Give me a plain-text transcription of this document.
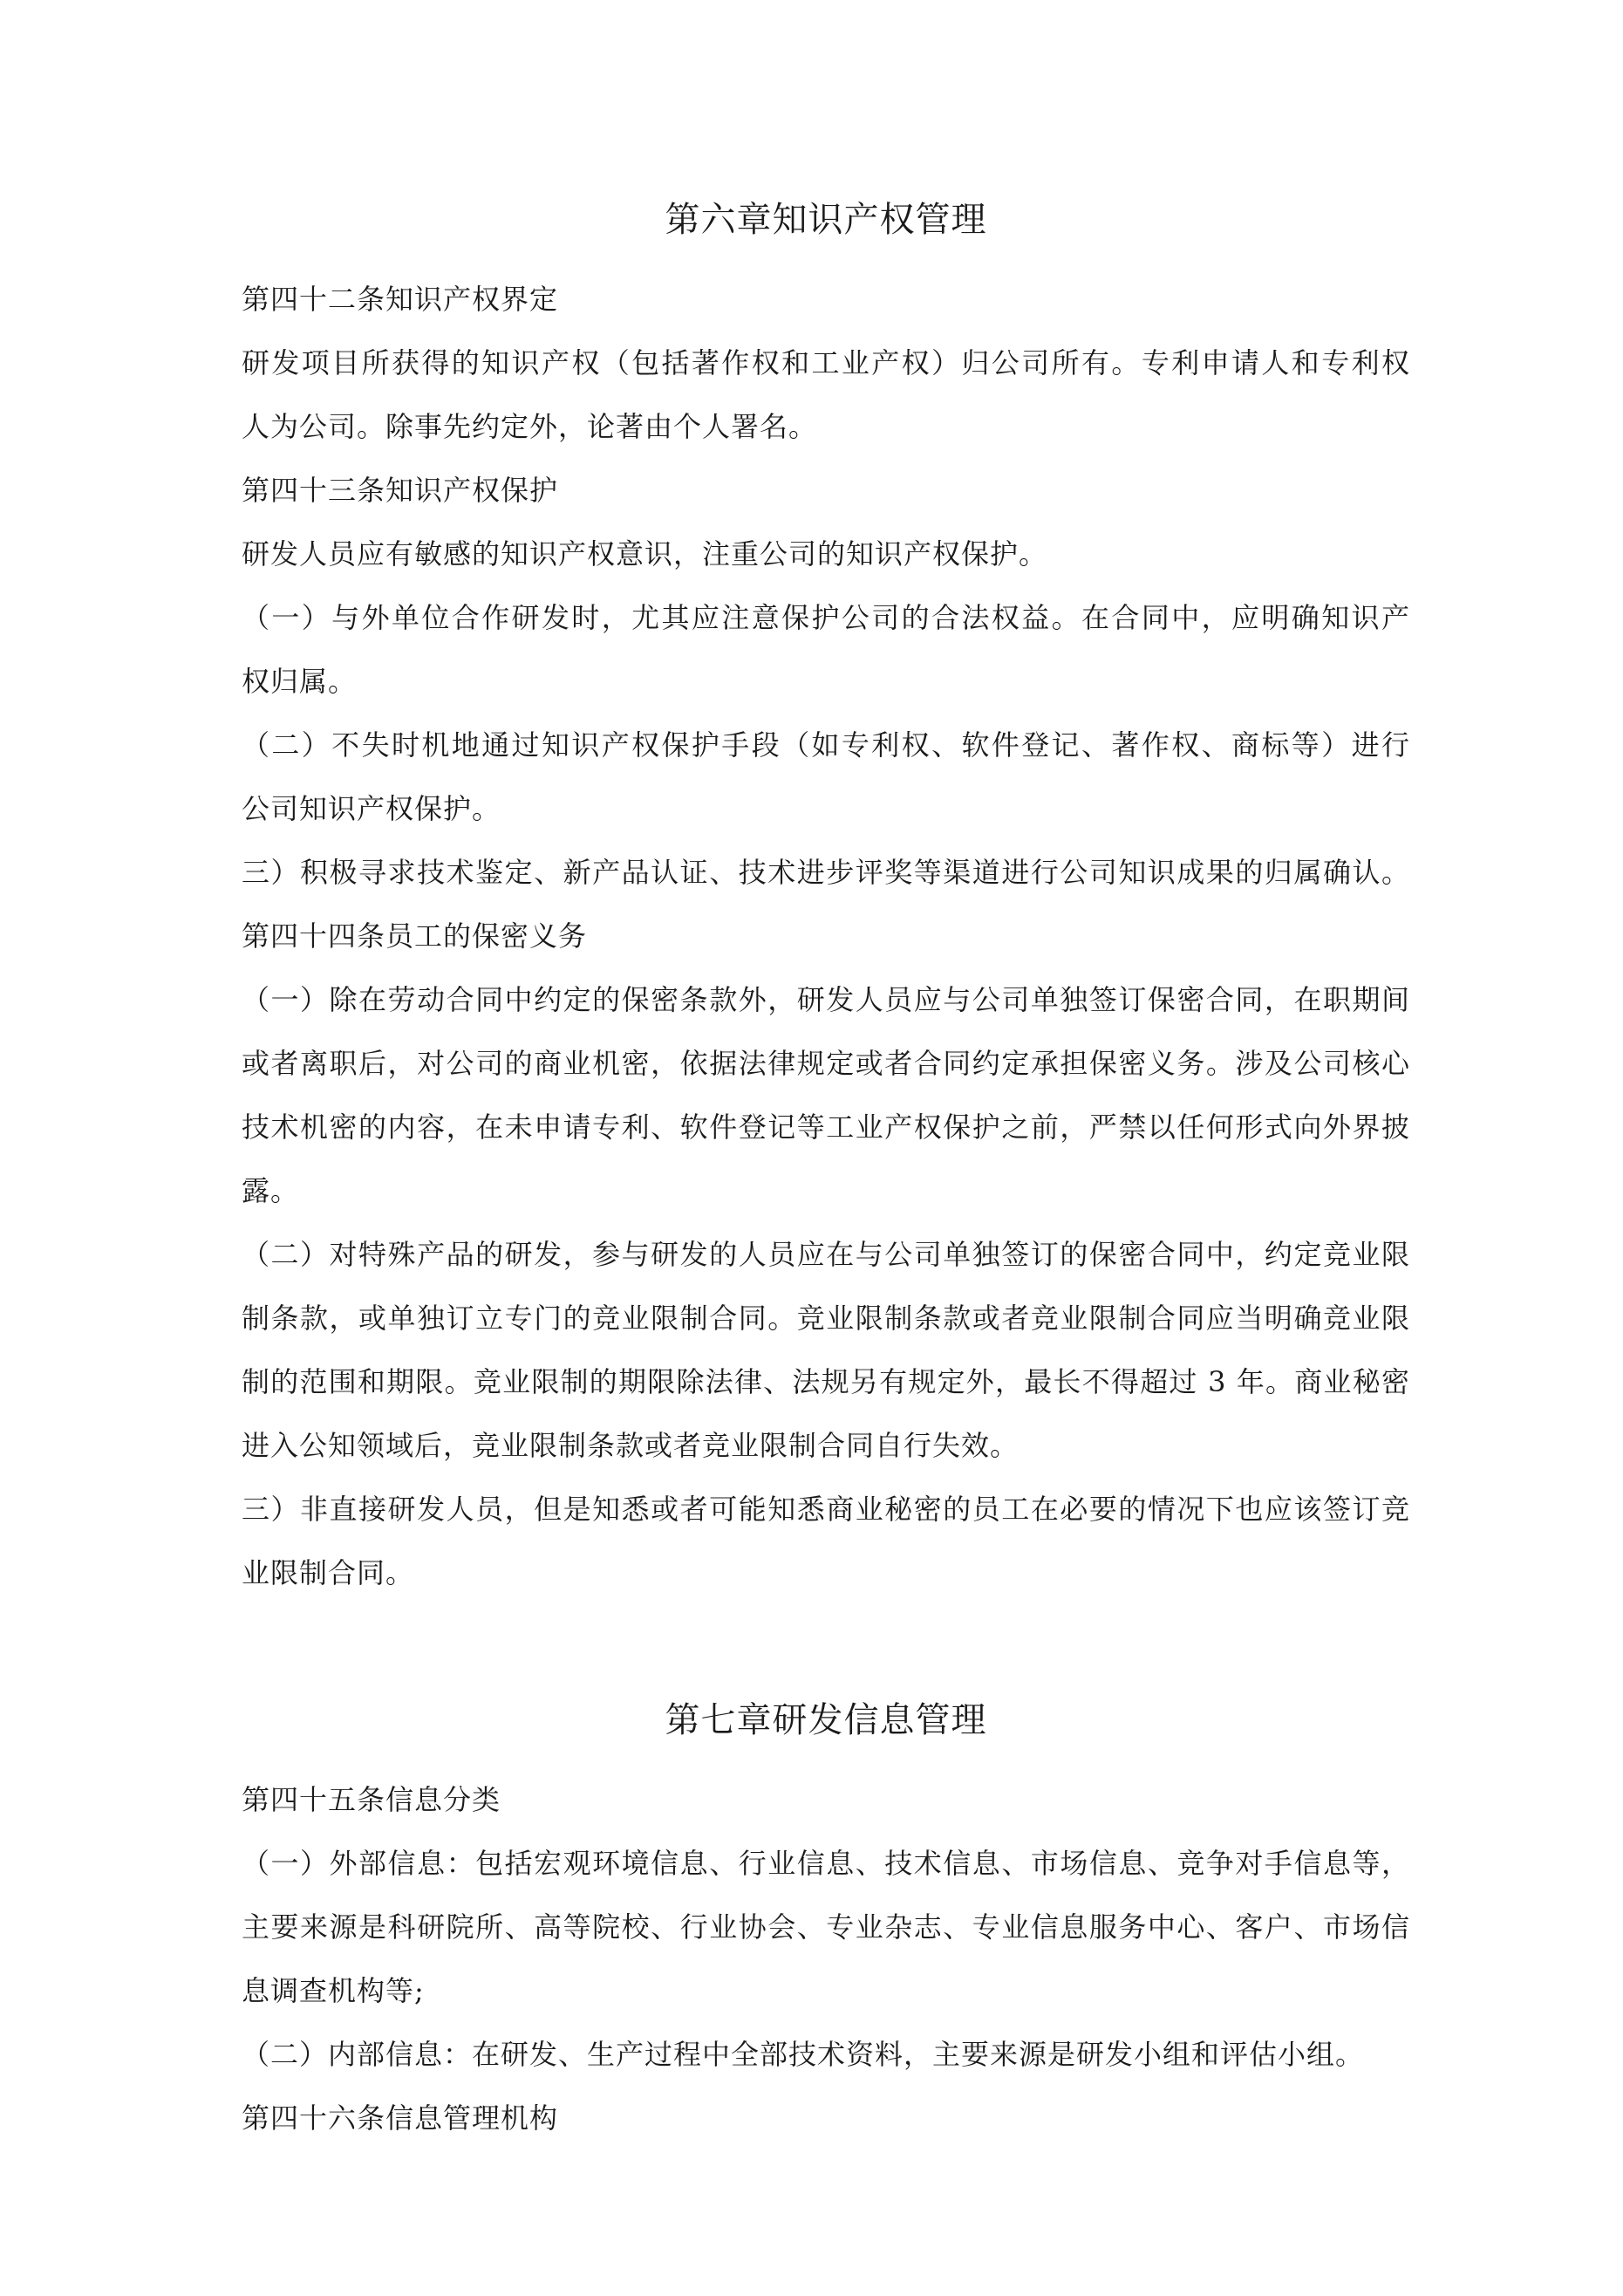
第六章知识产权管理
第四十二条知识产权界定
研发项目所获得的知识产权（包括著作权和工业产权）归公司所有。专利申请人和专利权
人为公司。除事先约定外，论著由个人署名。
第四十三条知识产权保护
研发人员应有敏感的知识产权意识，注重公司的知识产权保护。
（一）与外单位合作研发时，尤其应注意保护公司的合法权益。在合同中，应明确知识产
权归属。
（二）不失时机地通过知识产权保护手段（如专利权、软件登记、著作权、商标等）进行
公司知识产权保护。
三）积极寻求技术鉴定、新产品认证、技术进步评奖等渠道进行公司知识成果的归属确认。
第四十四条员工的保密义务
（一）除在劳动合同中约定的保密条款外，研发人员应与公司单独签订保密合同，在职期间
或者离职后，对公司的商业机密，依据法律规定或者合同约定承担保密义务。涉及公司核心
技术机密的内容，在未申请专利、软件登记等工业产权保护之前，严禁以任何形式向外界披
露。
（二）对特殊产品的研发，参与研发的人员应在与公司单独签订的保密合同中，约定竞业限
制条款，或单独订立专门的竞业限制合同。竞业限制条款或者竞业限制合同应当明确竞业限
制的范围和期限。竞业限制的期限除法律、法规另有规定外，最长不得超过 3 年。商业秘密
进入公知领域后，竞业限制条款或者竞业限制合同自行失效。
三）非直接研发人员，但是知悉或者可能知悉商业秘密的员工在必要的情况下也应该签订竞
业限制合同。
第七章研发信息管理
第四十五条信息分类
（一）外部信息：包括宏观环境信息、行业信息、技术信息、市场信息、竞争对手信息等，
主要来源是科研院所、高等院校、行业协会、专业杂志、专业信息服务中心、客户、市场信
息调查机构等;
（二）内部信息：在研发、生产过程中全部技术资料，主要来源是研发小组和评估小组。
第四十六条信息管理机构
